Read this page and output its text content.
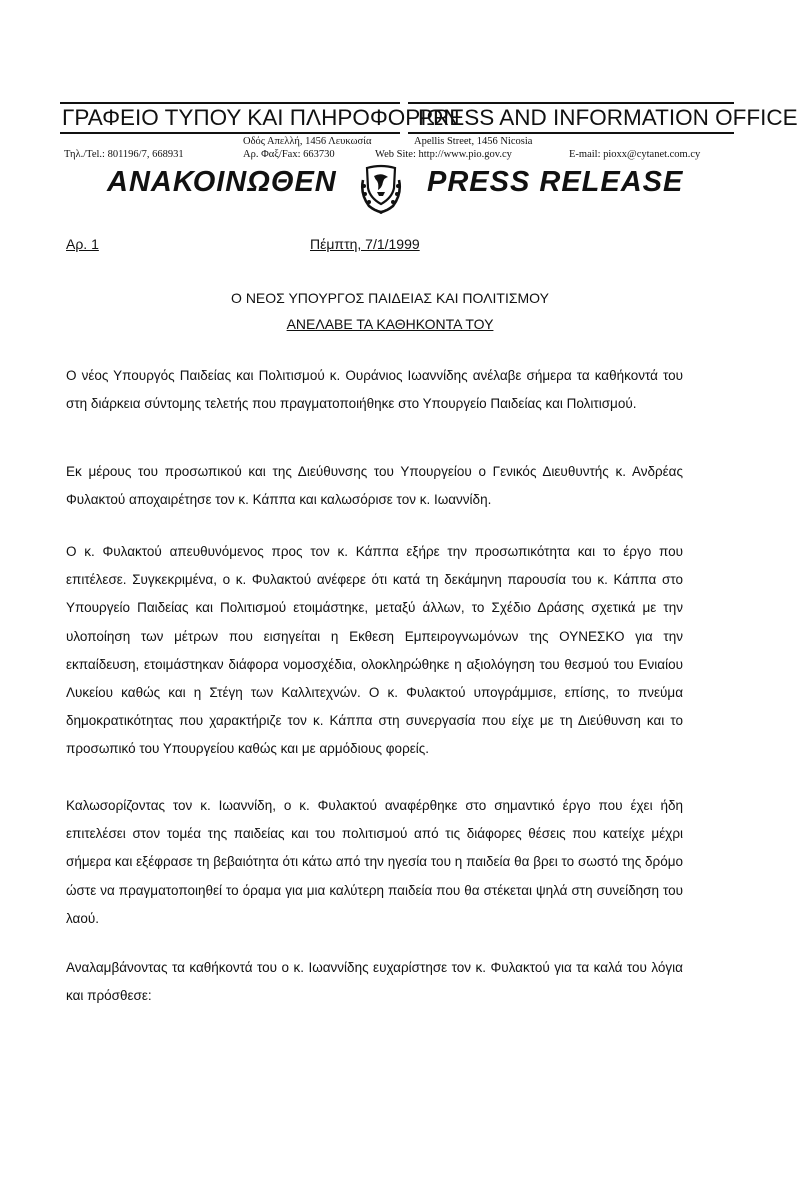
ΓΡΑΦΕΙΟ ΤΥΠΟΥ ΚΑΙ ΠΛΗΡΟΦΟΡΙΩΝ
PRESS AND INFORMATION OFFICE
Οδός Απελλή, 1456 Λευκωσία	Apellis Street, 1456 Nicosia
Τηλ./Tel.: 801196/7, 668931	Αρ. Φαξ/Fax: 663730	Web Site: http://www.pio.gov.cy	E-mail: pioxx@cytanet.com.cy
ΑΝΑΚΟΙΝΩΘΕΝ	PRESS RELEASE
Αρ. 1	Πέμπτη, 7/1/1999
Ο ΝΕΟΣ ΥΠΟΥΡΓΟΣ ΠΑΙΔΕΙΑΣ ΚΑΙ ΠΟΛΙΤΙΣΜΟΥ
ΑΝΕΛΑΒΕ ΤΑ ΚΑΘΗΚΟΝΤΑ ΤΟΥ

Ο νέος Υπουργός Παιδείας και Πολιτισμού κ. Ουράνιος Ιωαννίδης ανέλαβε σήμερα τα καθήκοντά του στη διάρκεια σύντομης τελετής που πραγματοποιήθηκε στο Υπουργείο Παιδείας και Πολιτισμού.

Εκ μέρους του προσωπικού και της Διεύθυνσης του Υπουργείου ο Γενικός Διευθυντής κ. Ανδρέας Φυλακτού αποχαιρέτησε τον κ. Κάππα και καλωσόρισε τον κ. Ιωαννίδη.

Ο κ. Φυλακτού απευθυνόμενος προς τον κ. Κάππα εξήρε την προσωπικότητα και το έργο που επιτέλεσε. Συγκεκριμένα, ο κ. Φυλακτού ανέφερε ότι κατά τη δεκάμηνη παρουσία του κ. Κάππα στο Υπουργείο Παιδείας και Πολιτισμού ετοιμάστηκε, μεταξύ άλλων, το Σχέδιο Δράσης σχετικά με την υλοποίηση των μέτρων που εισηγείται η Εκθεση Εμπειρογνωμόνων της ΟΥΝΕΣΚΟ για την εκπαίδευση, ετοιμάστηκαν διάφορα νομοσχέδια, ολοκληρώθηκε η αξιολόγηση του θεσμού του Ενιαίου Λυκείου καθώς και η Στέγη των Καλλιτεχνών. Ο κ. Φυλακτού υπογράμμισε, επίσης, το πνεύμα δημοκρατικότητας που χαρακτήριζε τον κ. Κάππα στη συνεργασία που είχε με τη Διεύθυνση και το προσωπικό του Υπουργείου καθώς και με αρμόδιους φορείς.

Καλωσορίζοντας τον κ. Ιωαννίδη, ο κ. Φυλακτού αναφέρθηκε στο σημαντικό έργο που έχει ήδη επιτελέσει στον τομέα της παιδείας και του πολιτισμού από τις διάφορες θέσεις που κατείχε μέχρι σήμερα και εξέφρασε τη βεβαιότητα ότι κάτω από την ηγεσία του η παιδεία θα βρει το σωστό της δρόμο ώστε να πραγματοποιηθεί το όραμα για μια καλύτερη παιδεία που θα στέκεται ψηλά στη συνείδηση του λαού.

Αναλαμβάνοντας τα καθήκοντά του ο κ. Ιωαννίδης ευχαρίστησε τον κ. Φυλακτού για τα καλά του λόγια και πρόσθεσε:
